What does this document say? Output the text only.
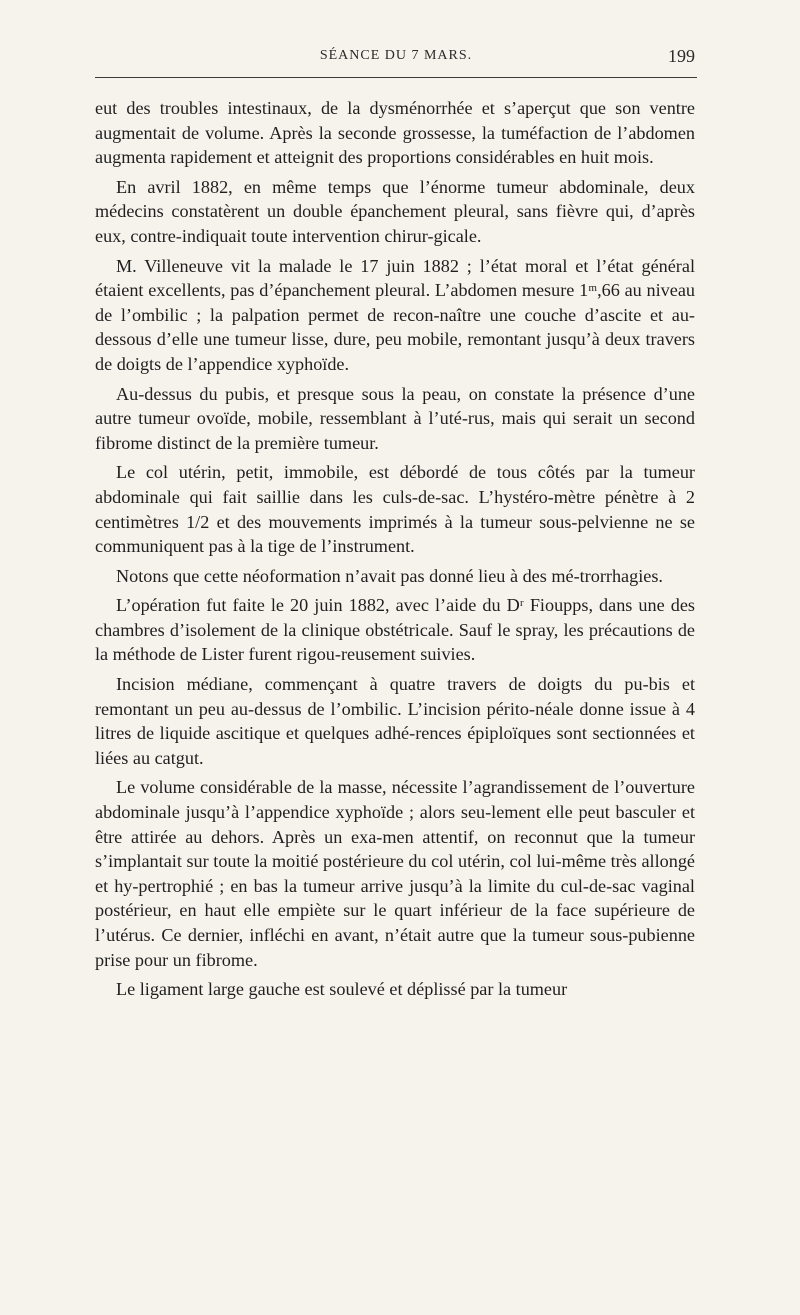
SÉANCE DU 7 MARS.	199

eut des troubles intestinaux, de la dysménorrhée et s’aperçut que son ventre augmentait de volume. Après la seconde grossesse, la tuméfaction de l’abdomen augmenta rapidement et atteignit des proportions considérables en huit mois.

En avril 1882, en même temps que l’énorme tumeur abdominale, deux médecins constatèrent un double épanchement pleural, sans fièvre qui, d’après eux, contre-indiquait toute intervention chirur-gicale.

M. Villeneuve vit la malade le 17 juin 1882 ; l’état moral et l’état général étaient excellents, pas d’épanchement pleural. L’abdomen mesure 1ᵐ,66 au niveau de l’ombilic ; la palpation permet de recon-naître une couche d’ascite et au-dessous d’elle une tumeur lisse, dure, peu mobile, remontant jusqu’à deux travers de doigts de l’appendice xyphoïde.

Au-dessus du pubis, et presque sous la peau, on constate la présence d’une autre tumeur ovoïde, mobile, ressemblant à l’uté-rus, mais qui serait un second fibrome distinct de la première tumeur.

Le col utérin, petit, immobile, est débordé de tous côtés par la tumeur abdominale qui fait saillie dans les culs-de-sac. L’hystéro-mètre pénètre à 2 centimètres 1/2 et des mouvements imprimés à la tumeur sous-pelvienne ne se communiquent pas à la tige de l’instrument.

Notons que cette néoformation n’avait pas donné lieu à des mé-trorrhagies.

L’opération fut faite le 20 juin 1882, avec l’aide du Dʳ Fioupps, dans une des chambres d’isolement de la clinique obstétricale. Sauf le spray, les précautions de la méthode de Lister furent rigou-reusement suivies.

Incision médiane, commençant à quatre travers de doigts du pu-bis et remontant un peu au-dessus de l’ombilic. L’incision périto-néale donne issue à 4 litres de liquide ascitique et quelques adhé-rences épiploïques sont sectionnées et liées au catgut.

Le volume considérable de la masse, nécessite l’agrandissement de l’ouverture abdominale jusqu’à l’appendice xyphoïde ; alors seu-lement elle peut basculer et être attirée au dehors. Après un exa-men attentif, on reconnut que la tumeur s’implantait sur toute la moitié postérieure du col utérin, col lui-même très allongé et hy-pertrophié ; en bas la tumeur arrive jusqu’à la limite du cul-de-sac vaginal postérieur, en haut elle empiète sur le quart inférieur de la face supérieure de l’utérus. Ce dernier, infléchi en avant, n’était autre que la tumeur sous-pubienne prise pour un fibrome.

Le ligament large gauche est soulevé et déplissé par la tumeur
